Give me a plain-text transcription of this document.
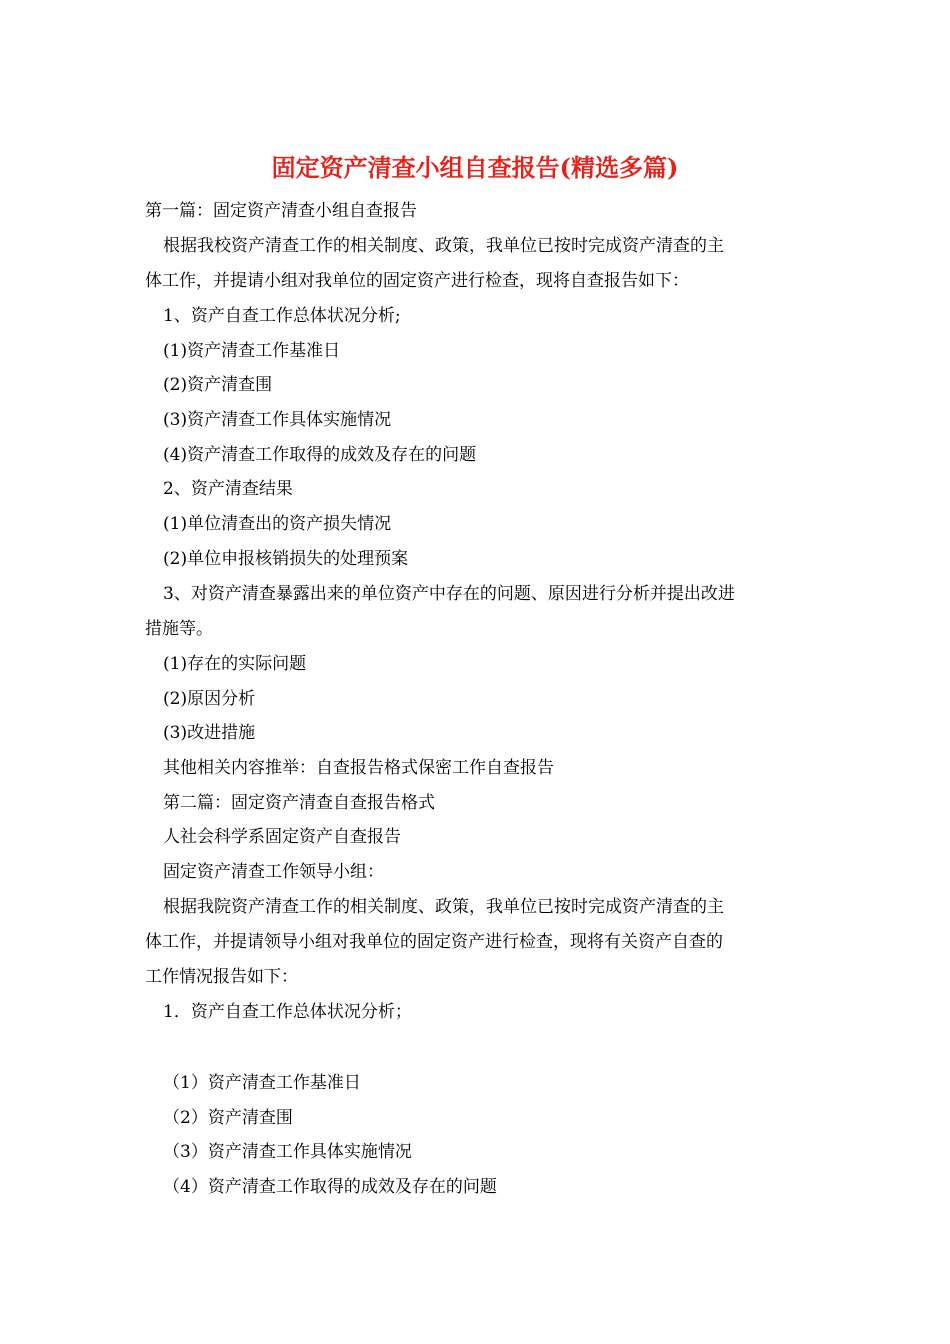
固定资产清查小组自查报告(精选多篇)
第一篇：固定资产清查小组自查报告
根据我校资产清查工作的相关制度、政策，我单位已按时完成资产清查的主
体工作，并提请小组对我单位的固定资产进行检查，现将自查报告如下：
1、资产自查工作总体状况分析;
(1)资产清查工作基准日
(2)资产清查围
(3)资产清查工作具体实施情况
(4)资产清查工作取得的成效及存在的问题
2、资产清查结果
(1)单位清查出的资产损失情况
(2)单位申报核销损失的处理预案
3、对资产清查暴露出来的单位资产中存在的问题、原因进行分析并提出改进
措施等。
(1)存在的实际问题
(2)原因分析
(3)改进措施
其他相关内容推举：自查报告格式保密工作自查报告
第二篇：固定资产清查自查报告格式
人社会科学系固定资产自查报告
固定资产清查工作领导小组：
根据我院资产清查工作的相关制度、政策，我单位已按时完成资产清查的主
体工作，并提请领导小组对我单位的固定资产进行检查，现将有关资产自查的
工作情况报告如下：
1．资产自查工作总体状况分析；
（1）资产清查工作基准日
（2）资产清查围
（3）资产清查工作具体实施情况
（4）资产清查工作取得的成效及存在的问题
